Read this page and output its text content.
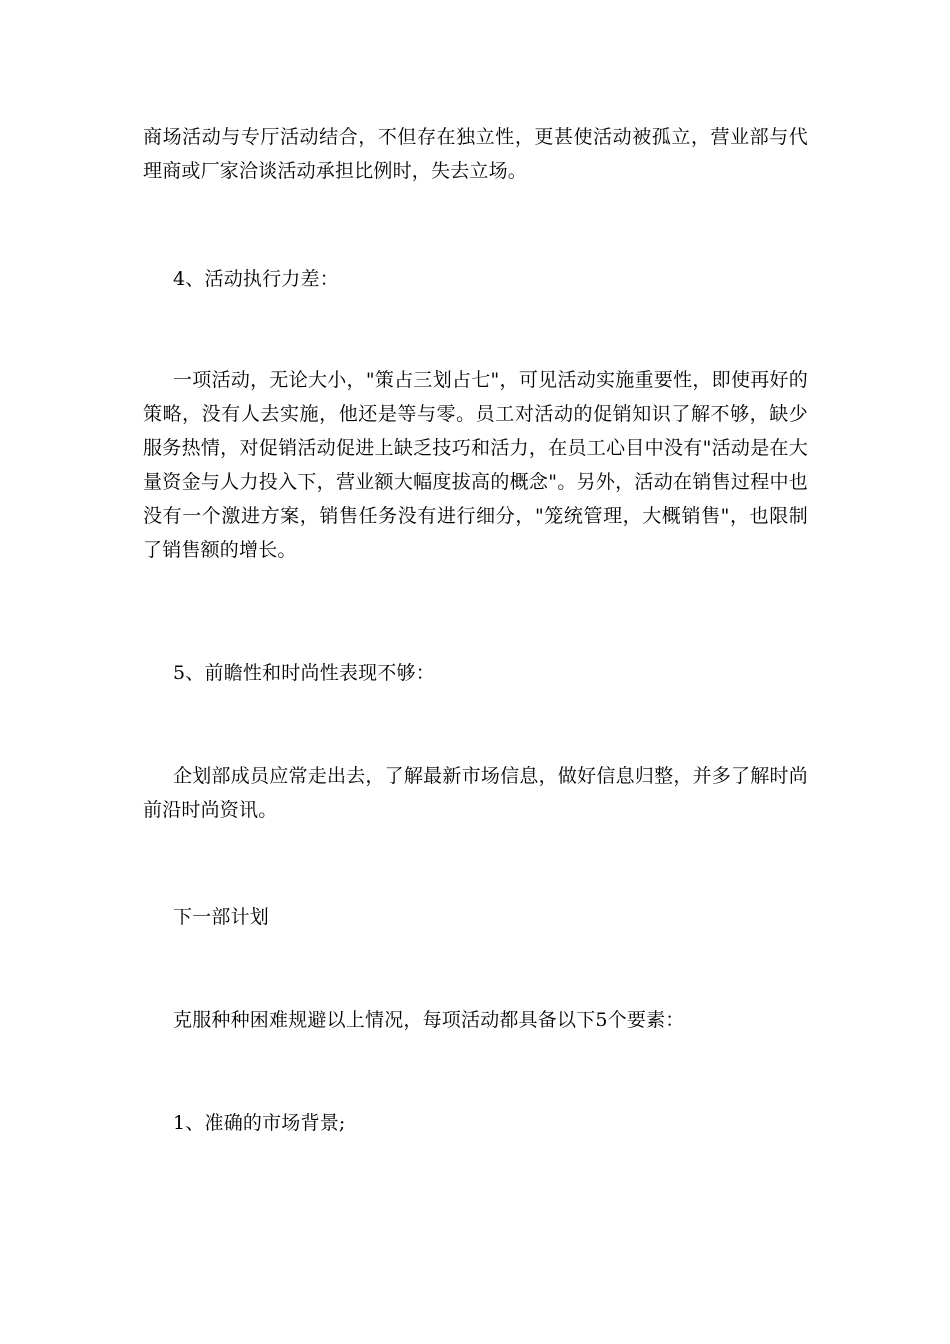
商场活动与专厅活动结合，不但存在独立性，更甚使活动被孤立，营业部与代理商或厂家洽谈活动承担比例时，失去立场。

4、活动执行力差：

一项活动，无论大小，"策占三划占七"，可见活动实施重要性，即使再好的策略，没有人去实施，他还是等与零。员工对活动的促销知识了解不够，缺少服务热情，对促销活动促进上缺乏技巧和活力，在员工心目中没有"活动是在大量资金与人力投入下，营业额大幅度拔高的概念"。另外，活动在销售过程中也没有一个激进方案，销售任务没有进行细分，"笼统管理，大概销售"，也限制了销售额的增长。

5、前瞻性和时尚性表现不够：

企划部成员应常走出去，了解最新市场信息，做好信息归整，并多了解时尚前沿时尚资讯。

下一部计划

克服种种困难规避以上情况，每项活动都具备以下5个要素：

1、准确的市场背景;
